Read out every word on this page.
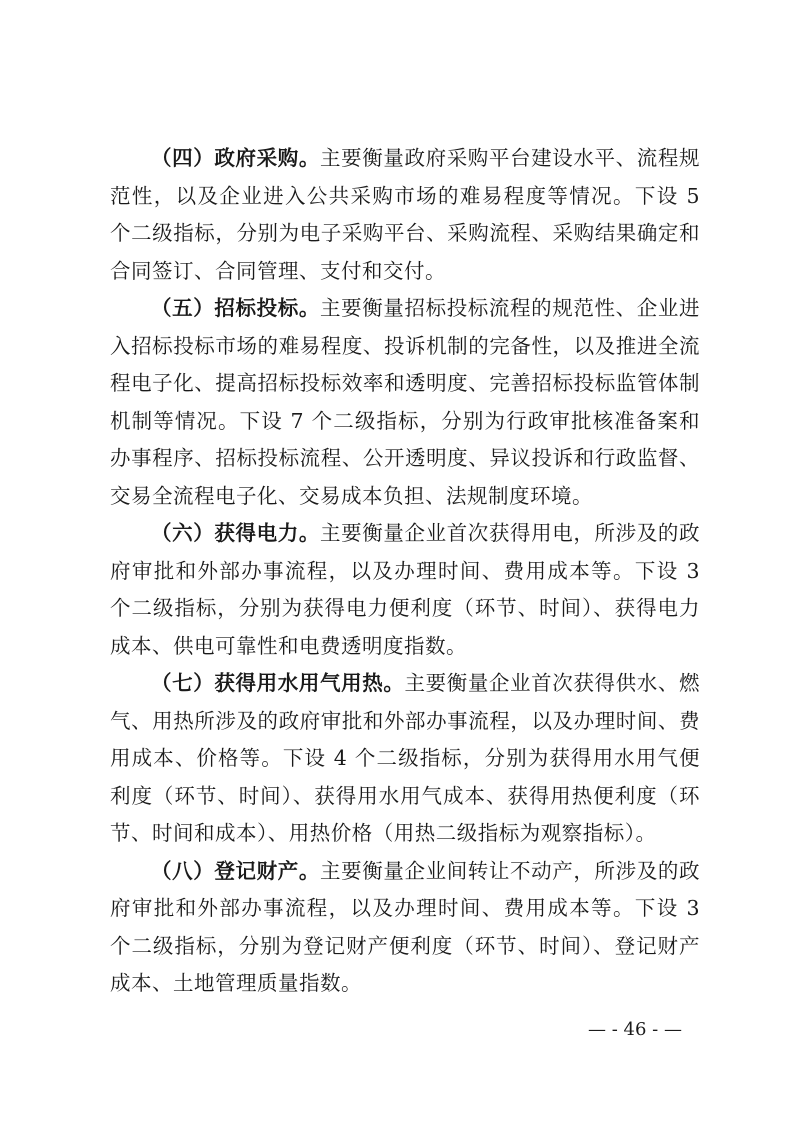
（四）政府采购。主要衡量政府采购平台建设水平、流程规范性，以及企业进入公共采购市场的难易程度等情况。下设 5 个二级指标，分别为电子采购平台、采购流程、采购结果确定和合同签订、合同管理、支付和交付。

（五）招标投标。主要衡量招标投标流程的规范性、企业进入招标投标市场的难易程度、投诉机制的完备性，以及推进全流程电子化、提高招标投标效率和透明度、完善招标投标监管体制机制等情况。下设 7 个二级指标，分别为行政审批核准备案和办事程序、招标投标流程、公开透明度、异议投诉和行政监督、交易全流程电子化、交易成本负担、法规制度环境。

（六）获得电力。主要衡量企业首次获得用电，所涉及的政府审批和外部办事流程，以及办理时间、费用成本等。下设 3 个二级指标，分别为获得电力便利度（环节、时间）、获得电力成本、供电可靠性和电费透明度指数。

（七）获得用水用气用热。主要衡量企业首次获得供水、燃气、用热所涉及的政府审批和外部办事流程，以及办理时间、费用成本、价格等。下设 4 个二级指标，分别为获得用水用气便利度（环节、时间）、获得用水用气成本、获得用热便利度（环节、时间和成本）、用热价格（用热二级指标为观察指标）。

（八）登记财产。主要衡量企业间转让不动产，所涉及的政府审批和外部办事流程，以及办理时间、费用成本等。下设 3 个二级指标，分别为登记财产便利度（环节、时间）、登记财产成本、土地管理质量指数。

— - 46 - —
